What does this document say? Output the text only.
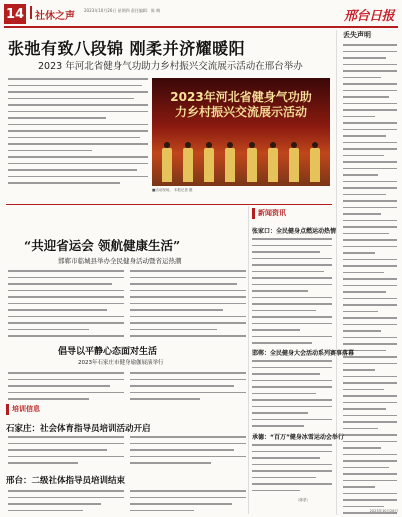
14 社休之声
2023年10月26日 星期四 责任编辑：陈 梅	邢台日报
张弛有致八段锦 刚柔并济耀暖阳
2023 年河北省健身气功助力乡村振兴交流展示活动在邢台举办
2023年河北省健身气功助力乡村振兴交流展示活动
■活动现场。 本报记者 摄
丢失声明
2023年10月26日
“共迎省运会 领航健康生活”
邯郸市临城县举办全民健身活动暨省运热潮
倡导以平静心态面对生活
2023年石家庄市健身瑜伽展演举行
培训信息
石家庄：社会体育指导员培训活动开启
邢台：二级社体指导员培训结束
新闻资讯
张家口：全民健身点燃运动热情
邯郸：全民健身大会活动系列赛事落幕
承德：“百万”健身冰雪运动会举行
（陈蒙）
